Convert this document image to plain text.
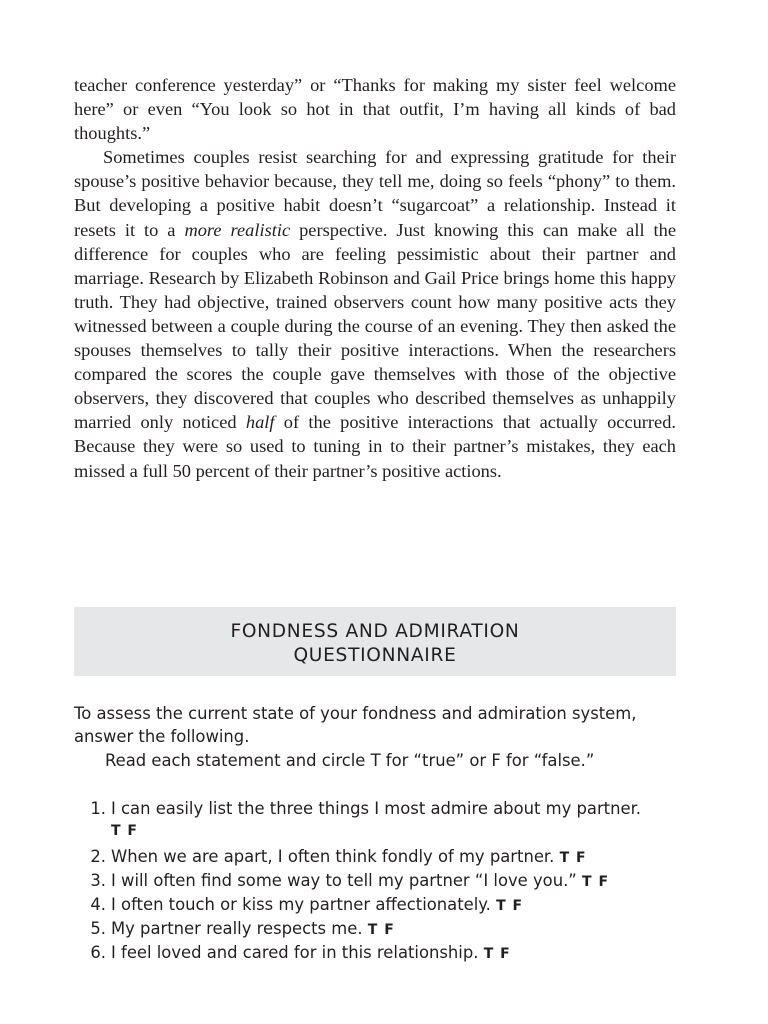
teacher conference yesterday” or “Thanks for making my sister feel welcome here” or even “You look so hot in that outfit, I’m having all kinds of bad thoughts.”

Sometimes couples resist searching for and expressing gratitude for their spouse’s positive behavior because, they tell me, doing so feels “phony” to them. But developing a positive habit doesn’t “sugarcoat” a relationship. Instead it resets it to a more realistic perspective. Just knowing this can make all the difference for couples who are feeling pessimistic about their partner and marriage. Research by Elizabeth Robinson and Gail Price brings home this happy truth. They had objective, trained observers count how many positive acts they witnessed between a couple during the course of an evening. They then asked the spouses themselves to tally their positive interactions. When the researchers compared the scores the couple gave themselves with those of the objective observers, they discovered that couples who described themselves as unhappily married only noticed half of the positive interactions that actually occurred. Because they were so used to tuning in to their partner’s mistakes, they each missed a full 50 percent of their partner’s positive actions.

FONDNESS AND ADMIRATION
QUESTIONNAIRE

To assess the current state of your fondness and admiration system, answer the following.

Read each statement and circle T for “true” or F for “false.”

1. I can easily list the three things I most admire about my partner.
T F
2. When we are apart, I often think fondly of my partner. T F
3. I will often find some way to tell my partner “I love you.” T F
4. I often touch or kiss my partner affectionately. T F
5. My partner really respects me. T F
6. I feel loved and cared for in this relationship. T F
